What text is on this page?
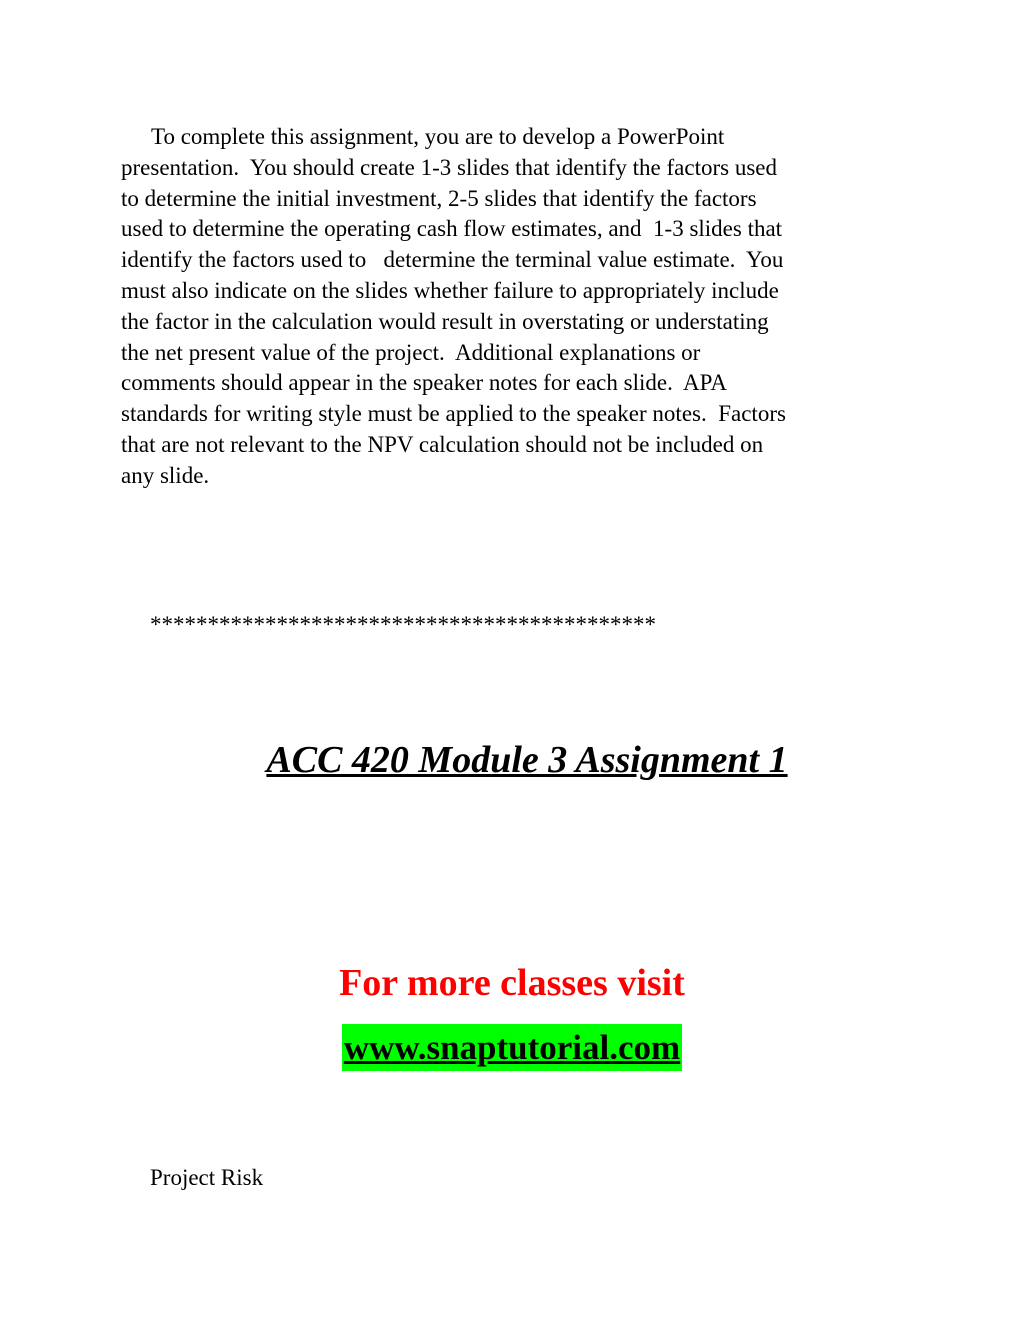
To complete this assignment, you are to develop a PowerPoint
presentation.  You should create 1-3 slides that identify the factors used
to determine the initial investment, 2-5 slides that identify the factors
used to determine the operating cash flow estimates, and  1-3 slides that
identify the factors used to   determine the terminal value estimate.  You
must also indicate on the slides whether failure to appropriately include
the factor in the calculation would result in overstating or understating
the net present value of the project.  Additional explanations or
comments should appear in the speaker notes for each slide.  APA
standards for writing style must be applied to the speaker notes.  Factors
that are not relevant to the NPV calculation should not be included on
any slide.
********************************************
ACC 420 Module 3 Assignment 1
For more classes visit
www.snaptutorial.com
Project Risk
